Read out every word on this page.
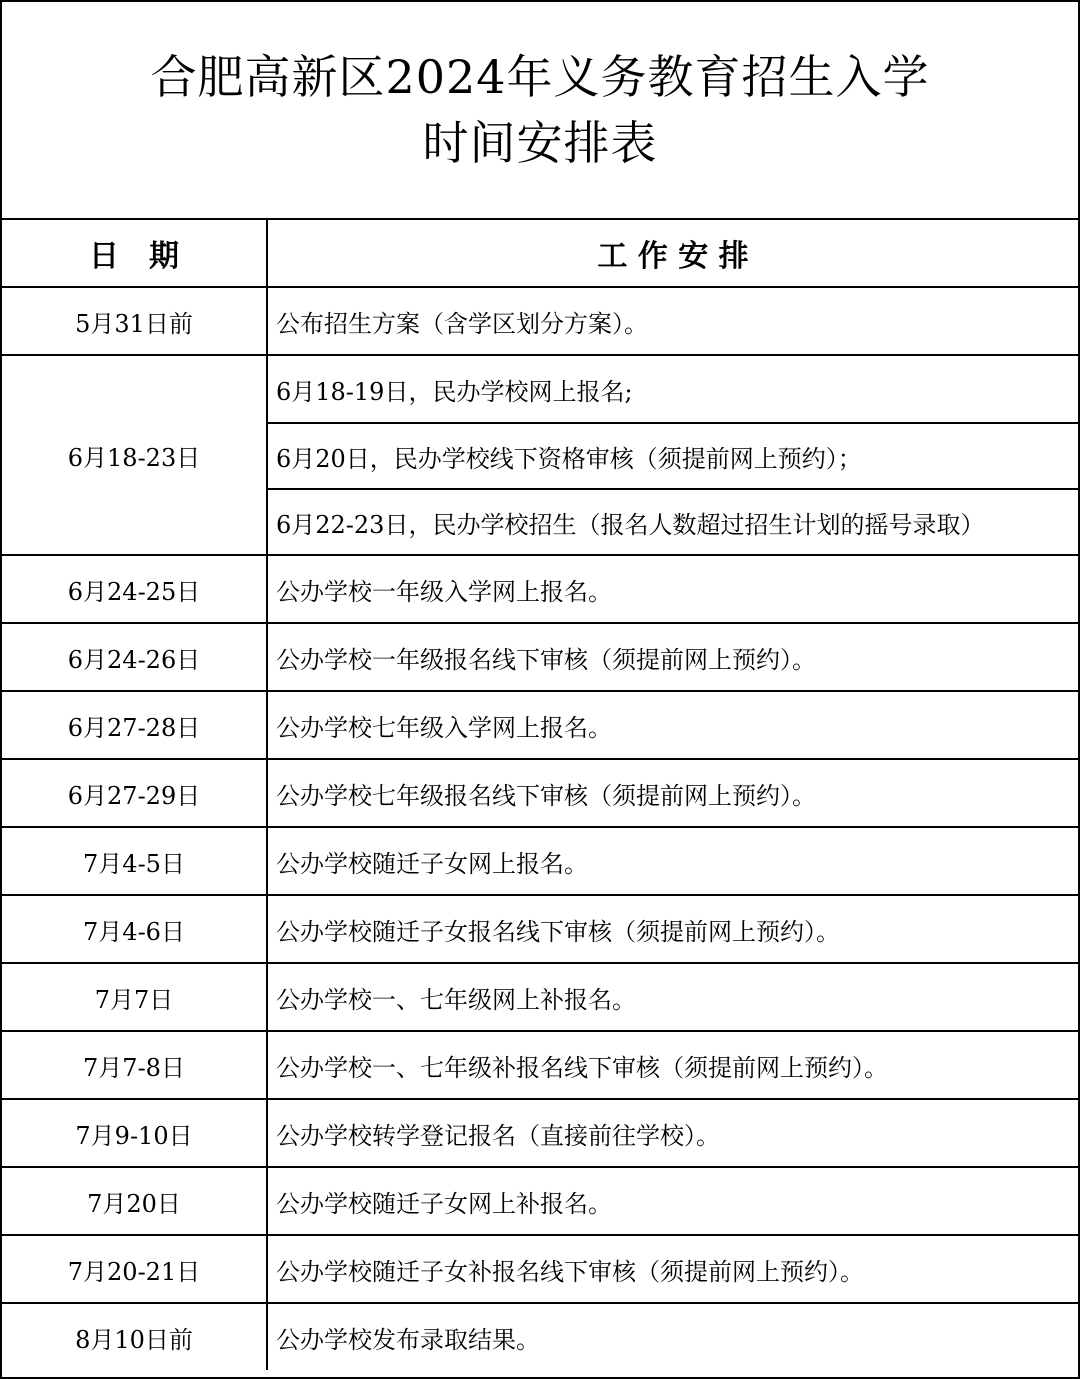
合肥高新区2024年义务教育招生入学
时间安排表
日　期	工 作 安 排
5月31日前	公布招生方案（含学区划分方案）。
6月18-23日	6月18-19日，民办学校网上报名;
6月20日，民办学校线下资格审核（须提前网上预约）；
6月22-23日，民办学校招生（报名人数超过招生计划的摇号录取）

6月24-25日	公办学校一年级入学网上报名。
6月24-26日	公办学校一年级报名线下审核（须提前网上预约）。
6月27-28日	公办学校七年级入学网上报名。
6月27-29日	公办学校七年级报名线下审核（须提前网上预约）。
7月4-5日	公办学校随迁子女网上报名。
7月4-6日	公办学校随迁子女报名线下审核（须提前网上预约）。
7月7日	公办学校一、七年级网上补报名。
7月7-8日	公办学校一、七年级补报名线下审核（须提前网上预约）。
7月9-10日	公办学校转学登记报名（直接前往学校）。
7月20日	公办学校随迁子女网上补报名。
7月20-21日	公办学校随迁子女补报名线下审核（须提前网上预约）。
8月10日前	公办学校发布录取结果。
